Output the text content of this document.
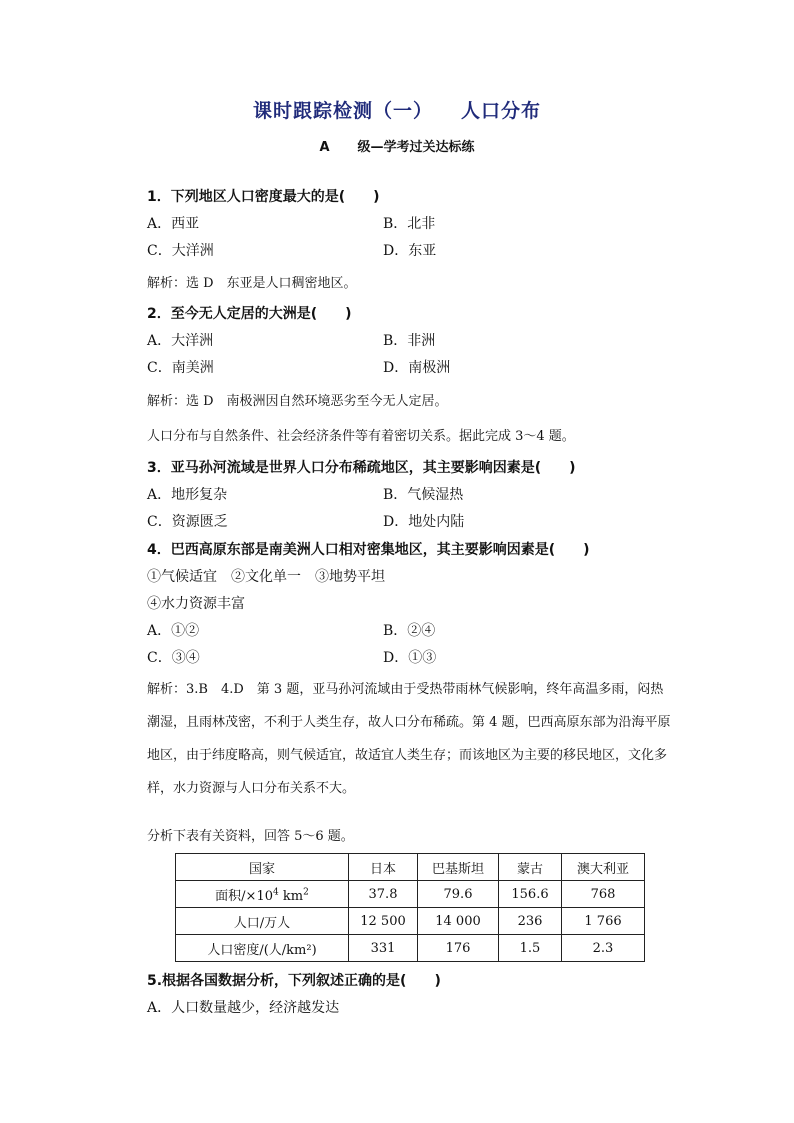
课时跟踪检测（一） 人口分布
A 级—学考过关达标练
1．下列地区人口密度最大的是(　　)
A．西亚	B．北非
C．大洋洲	D．东亚
解析：选 D　东亚是人口稠密地区。
2．至今无人定居的大洲是(　　)
A．大洋洲	B．非洲
C．南美洲	D．南极洲
解析：选 D　南极洲因自然环境恶劣至今无人定居。
人口分布与自然条件、社会经济条件等有着密切关系。据此完成 3～4 题。
3．亚马孙河流域是世界人口分布稀疏地区，其主要影响因素是(　　)
A．地形复杂	B．气候湿热
C．资源匮乏	D．地处内陆
4．巴西高原东部是南美洲人口相对密集地区，其主要影响因素是(　　)
①气候适宜　②文化单一　③地势平坦
④水力资源丰富
A．①②	B．②④
C．③④	D．①③
解析：3.B　4.D　第 3 题，亚马孙河流域由于受热带雨林气候影响，终年高温多雨，闷热潮湿，且雨林茂密，不利于人类生存，故人口分布稀疏。第 4 题，巴西高原东部为沿海平原地区，由于纬度略高，则气候适宜，故适宜人类生存；而该地区为主要的移民地区，文化多样，水力资源与人口分布关系不大。
分析下表有关资料，回答 5～6 题。
国家	日本	巴基斯坦	蒙古	澳大利亚
面积$/\times 10^4$ $km^2$	37.8	79.6	156.6	768
人口/万人	12 500	14 000	236	1 766
人口密度/(人/km²)	331	176	1.5	2.3
5.根据各国数据分析，下列叙述正确的是(　　)
A．人口数量越少，经济越发达
